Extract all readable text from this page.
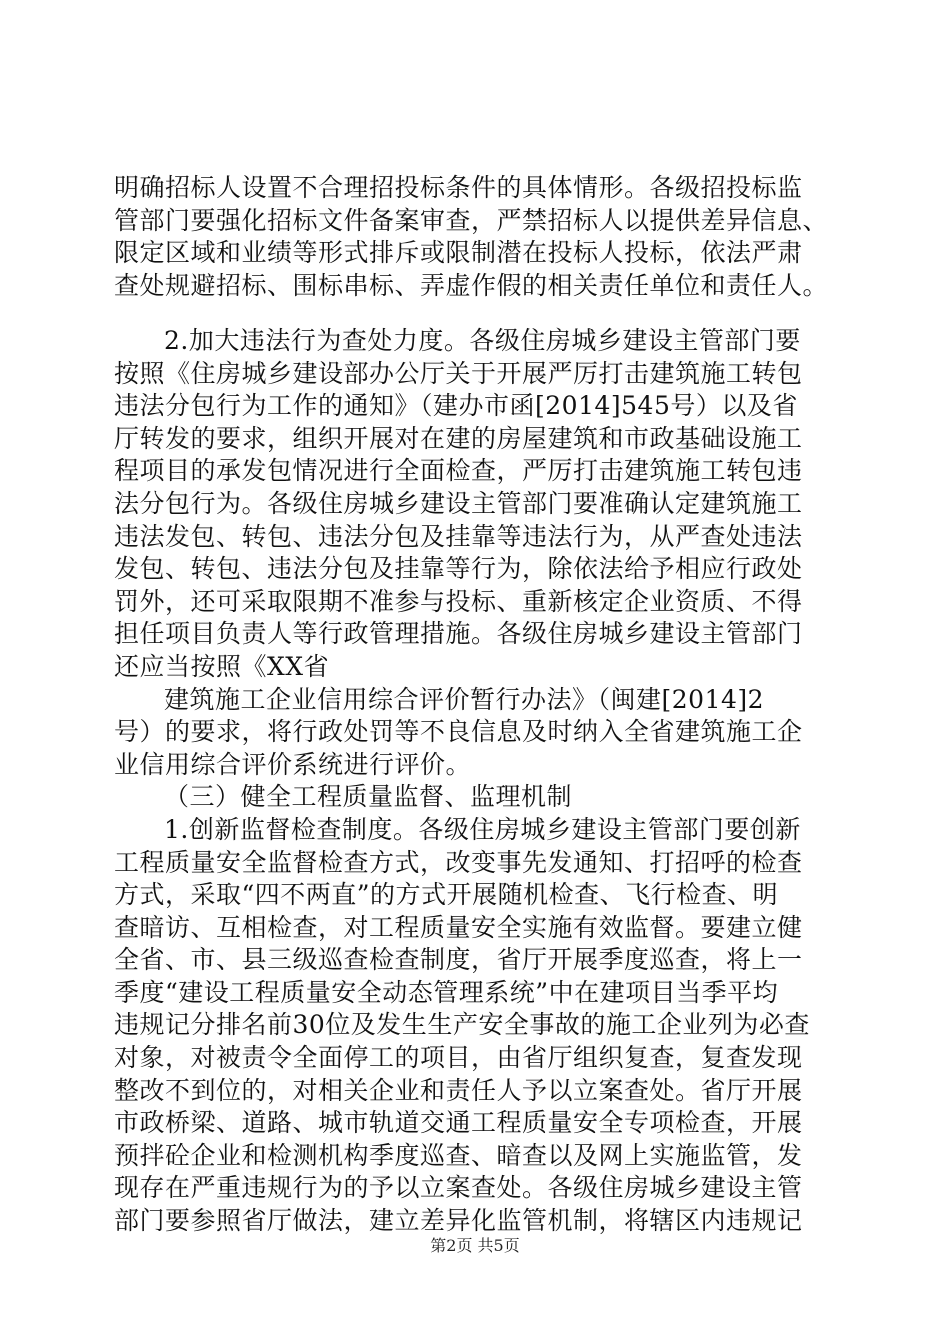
明确招标人设置不合理招投标条件的具体情形。各级招投标监
管部门要强化招标文件备案审查，严禁招标人以提供差异信息、
限定区域和业绩等形式排斥或限制潜在投标人投标，依法严肃
查处规避招标、围标串标、弄虚作假的相关责任单位和责任人。
2.加大违法行为查处力度。各级住房城乡建设主管部门要
按照《住房城乡建设部办公厅关于开展严厉打击建筑施工转包
违法分包行为工作的通知》（建办市函[2014]545号）以及省
厅转发的要求，组织开展对在建的房屋建筑和市政基础设施工
程项目的承发包情况进行全面检查，严厉打击建筑施工转包违
法分包行为。各级住房城乡建设主管部门要准确认定建筑施工
违法发包、转包、违法分包及挂靠等违法行为，从严查处违法
发包、转包、违法分包及挂靠等行为，除依法给予相应行政处
罚外，还可采取限期不准参与投标、重新核定企业资质、不得
担任项目负责人等行政管理措施。各级住房城乡建设主管部门
还应当按照《XX省
建筑施工企业信用综合评价暂行办法》（闽建[2014]2
号）的要求，将行政处罚等不良信息及时纳入全省建筑施工企
业信用综合评价系统进行评价。
（三）健全工程质量监督、监理机制
1.创新监督检查制度。各级住房城乡建设主管部门要创新
工程质量安全监督检查方式，改变事先发通知、打招呼的检查
方式，采取“四不两直”的方式开展随机检查、飞行检查、明
查暗访、互相检查，对工程质量安全实施有效监督。要建立健
全省、市、县三级巡查检查制度，省厅开展季度巡查，将上一
季度“建设工程质量安全动态管理系统”中在建项目当季平均
违规记分排名前30位及发生生产安全事故的施工企业列为必查
对象，对被责令全面停工的项目，由省厅组织复查，复查发现
整改不到位的，对相关企业和责任人予以立案查处。省厅开展
市政桥梁、道路、城市轨道交通工程质量安全专项检查，开展
预拌砼企业和检测机构季度巡查、暗查以及网上实施监管，发
现存在严重违规行为的予以立案查处。各级住房城乡建设主管
部门要参照省厅做法，建立差异化监管机制，将辖区内违规记
第2页 共5页
